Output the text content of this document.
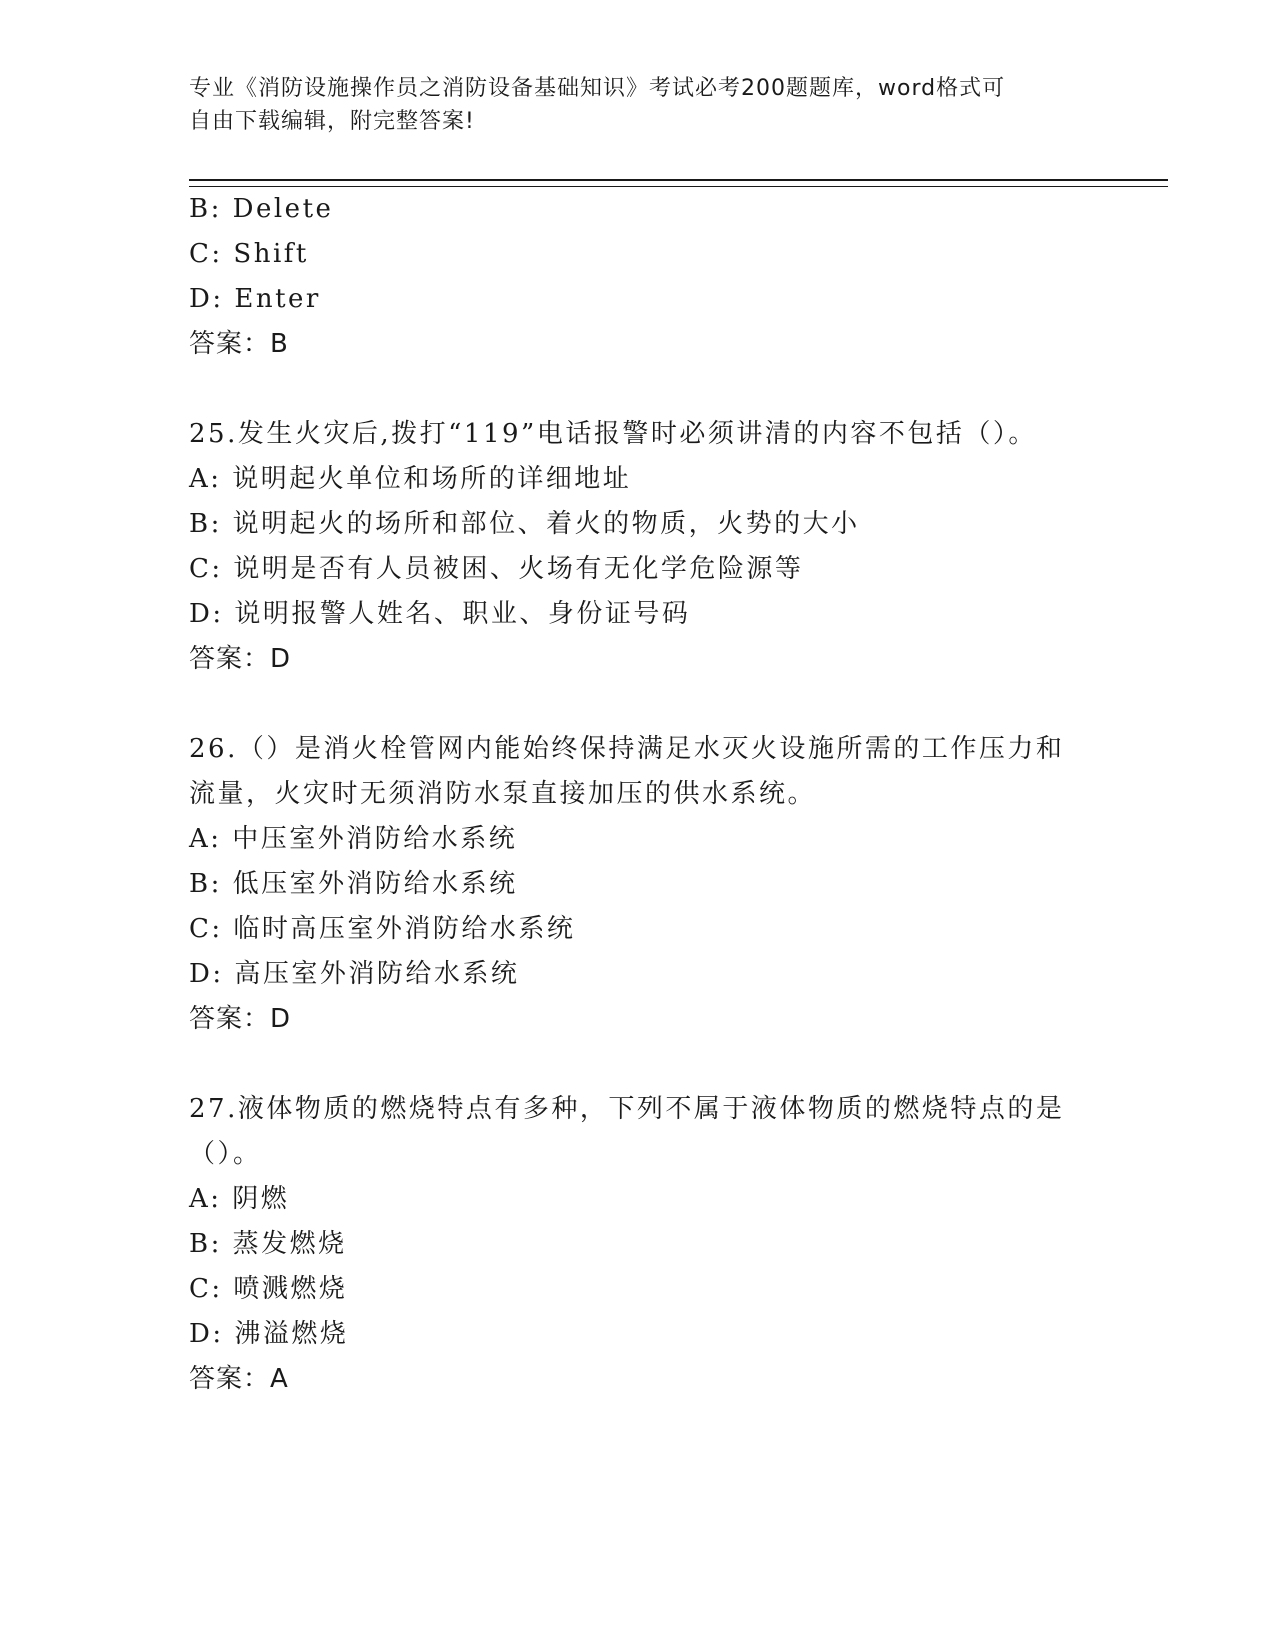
专业《消防设施操作员之消防设备基础知识》考试必考200题题库，word格式可
自由下载编辑，附完整答案!
B: Delete
C: Shift
D: Enter
答案：B
25.发生火灾后,拨打“119”电话报警时必须讲清的内容不包括（）。
A: 说明起火单位和场所的详细地址
B: 说明起火的场所和部位、着火的物质，火势的大小
C: 说明是否有人员被困、火场有无化学危险源等
D: 说明报警人姓名、职业、身份证号码
答案：D
26.（）是消火栓管网内能始终保持满足水灭火设施所需的工作压力和
流量，火灾时无须消防水泵直接加压的供水系统。
A: 中压室外消防给水系统
B: 低压室外消防给水系统
C: 临时高压室外消防给水系统
D: 高压室外消防给水系统
答案：D
27.液体物质的燃烧特点有多种，下列不属于液体物质的燃烧特点的是
（）。
A: 阴燃
B: 蒸发燃烧
C: 喷溅燃烧
D: 沸溢燃烧
答案：A
